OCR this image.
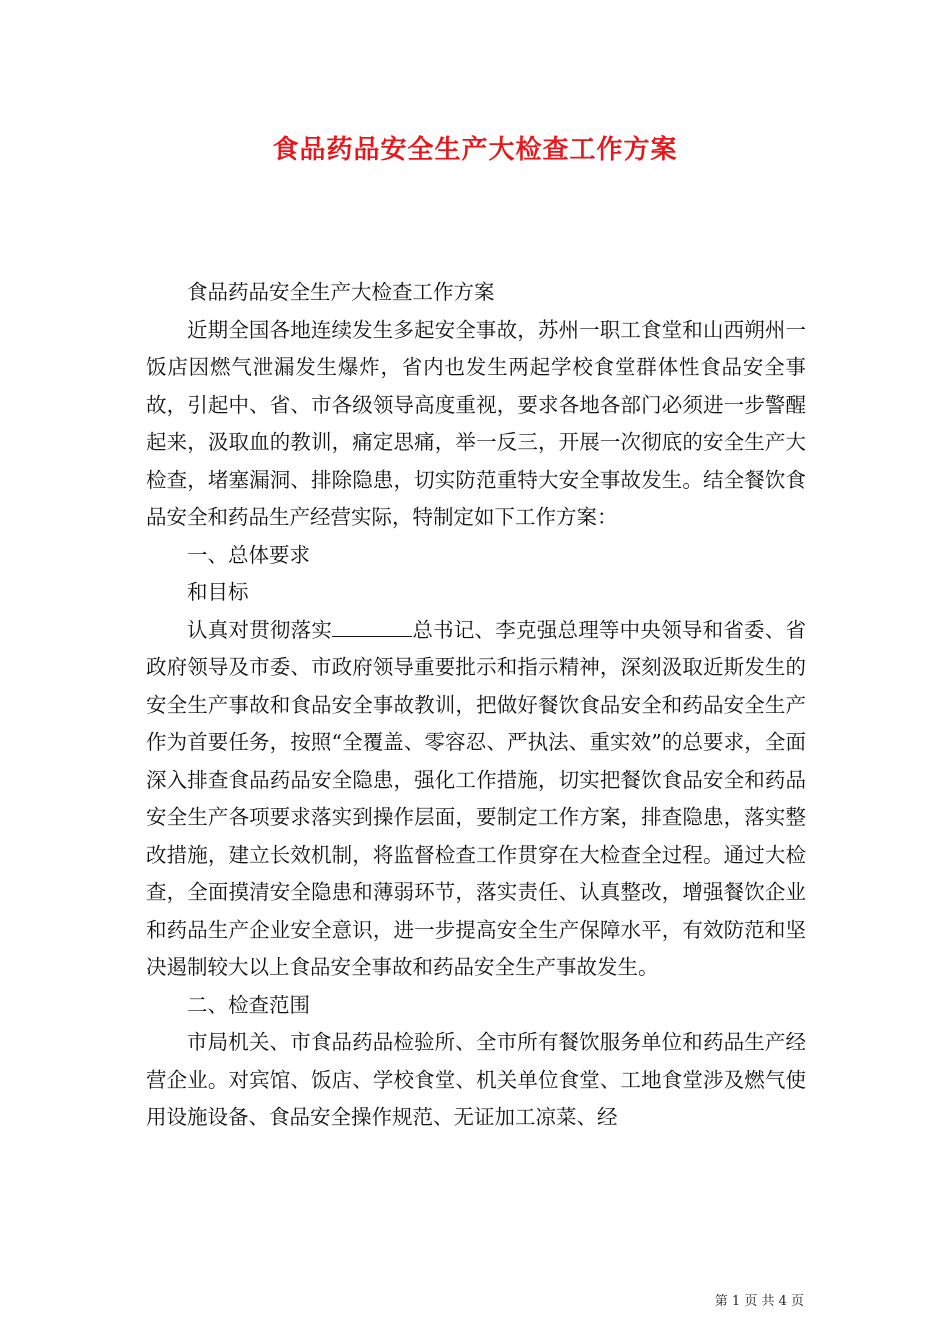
食品药品安全生产大检查工作方案

食品药品安全生产大检查工作方案

近期全国各地连续发生多起安全事故，苏州一职工食堂和山西朔州一饭店因燃气泄漏发生爆炸，省内也发生两起学校食堂群体性食品安全事故，引起中、省、市各级领导高度重视，要求各地各部门必须进一步警醒起来，汲取血的教训，痛定思痛，举一反三，开展一次彻底的安全生产大检查，堵塞漏洞、排除隐患，切实防范重特大安全事故发生。结全餐饮食品安全和药品生产经营实际，特制定如下工作方案：

一、总体要求

和目标

认真对贯彻落实	总书记、李克强总理等中央领导和省委、省政府领导及市委、市政府领导重要批示和指示精神，深刻汲取近斯发生的安全生产事故和食品安全事故教训，把做好餐饮食品安全和药品安全生产作为首要任务，按照“全覆盖、零容忍、严执法、重实效”的总要求，全面深入排查食品药品安全隐患，强化工作措施，切实把餐饮食品安全和药品安全生产各项要求落实到操作层面，要制定工作方案，排查隐患，落实整改措施，建立长效机制，将监督检查工作贯穿在大检查全过程。通过大检查，全面摸清安全隐患和薄弱环节，落实责任、认真整改，增强餐饮企业和药品生产企业安全意识，进一步提高安全生产保障水平，有效防范和坚决遏制较大以上食品安全事故和药品安全生产事故发生。

二、检查范围

市局机关、市食品药品检验所、全市所有餐饮服务单位和药品生产经营企业。对宾馆、饭店、学校食堂、机关单位食堂、工地食堂涉及燃气使用设施设备、食品安全操作规范、无证加工凉菜、经

第 1 页 共 4 页
